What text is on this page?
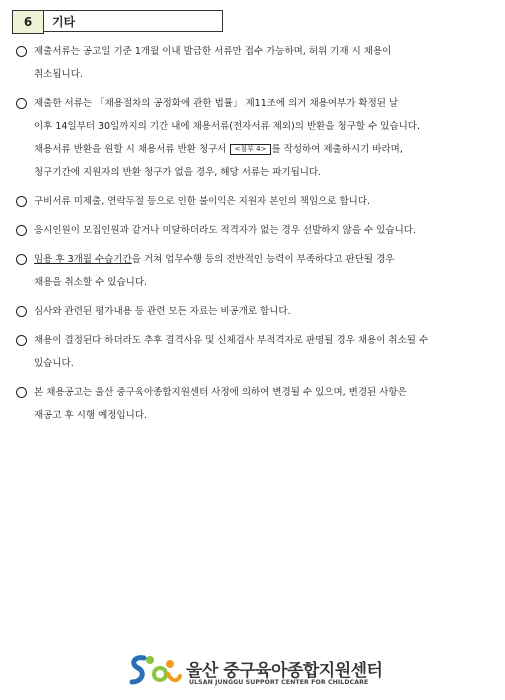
6	기타
제출서류는 공고일 기준 1개월 이내 발급한 서류만 접수 가능하며, 허위 기재 시 채용이
취소됩니다.
제출한 서류는 「채용절차의 공정화에 관한 법률」 제11조에 의거 채용여부가 확정된 날
이후 14일부터 30일까지의 기간 내에 채용서류(전자서류 제외)의 반환을 청구할 수 있습니다.
채용서류 반환을 원할 시 채용서류 반환 청구서 <첨부 4> 를 작성하여 제출하시기 바라며,
청구기간에 지원자의 반환 청구가 없을 경우, 해당 서류는 파기됩니다.
구비서류 미제출, 연락두절 등으로 인한 불이익은 지원자 본인의 책임으로 합니다.
응시인원이 모집인원과 같거나 미달하더라도 적격자가 없는 경우 선발하지 않을 수 있습니다.
임용 후 3개월 수습기간을 거쳐 업무수행 등의 전반적인 능력이 부족하다고 판단될 경우
채용을 취소할 수 있습니다.
심사와 관련된 평가내용 등 관련 모든 자료는 비공개로 합니다.
채용이 결정된다 하더라도 추후 결격사유 및 신체검사 부적격자로 판명될 경우 채용이 취소될 수
있습니다.
본 채용공고는 울산 중구육아종합지원센터 사정에 의하여 변경될 수 있으며, 변경된 사항은
재공고 후 시행 예정입니다.
울산 중구육아종합지원센터
ULSAN JUNGGU SUPPORT CENTER FOR CHILDCARE
